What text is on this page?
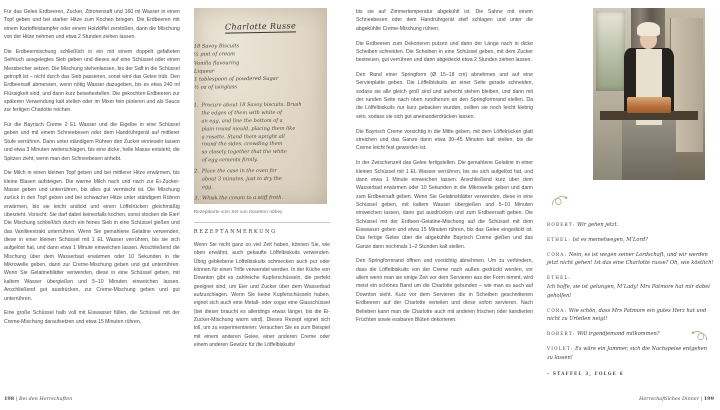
Für das Gelee Erdbeeren, Zucker, Zitronensaft und 160 ml Wasser in einen Topf geben und bei starker Hitze zum Kochen bringen. Die Erdbeeren mit einem Kartoffelstampfer oder einem Holzlöffel zerstoßen, dann die Mischung von der Hitze nehmen und etwa 2 Stunden ziehen lassen.

Die Erdbeermischung schließlich in ein mit einem doppelt gefalteten Seihtuch ausgelegtes Sieb geben und dieses auf eine Schüssel oder einen Messbecher setzen. Die Mischung stehenlassen, bis der Saft in die Schüssel getropft ist – nicht durch das Sieb passieren, sonst wird das Gelee trüb. Den Erdbeersaft abmessen, wenn nötig Wasser dazugeben, bis es etwa 240 ml Flüssigkeit sind, und dann kurz beiseitestellen. Die gekochten Erdbeeren zur späteren Verwendung kalt stellen oder im Mixer fein pürieren und als Sauce zur fertigen Charlotte reichen.

Für die Bayrisch Creme 2 EL Wasser und die Eigelbe in eine Schüssel geben und mit einem Schneebesen oder dem Handrührgerät auf mittlerer Stufe verrühren. Dann unter ständigem Rühren den Zucker einrieseln lassen und etwa 3 Minuten weiterschlagen, bis eine dicke, helle Masse entsteht, die Spitzen zieht, wenn man den Schneebesen anhebt.

Die Milch in einen kleinen Topf geben und bei mittlerer Hitze erwärmen, bis kleine Blasen aufsteigen. Die warme Milch nach und nach zur Ei-Zucker-Masse geben und unterrühren, bis alles gut vermischt ist. Die Mischung zurück in den Topf geben und bei schwacher Hitze unter ständigem Rühren erwärmen, bis sie leicht andickt und einen Löffelrücken gleichmäßig überzieht. Vorsicht: Sie darf dabei keinesfalls kochen, sonst stocken die Eier! Die Mischung schließlich durch ein feines Sieb in eine Schüssel gießen und das Vanilleextrakt unterrühren. Wenn Sie gemahlene Gelatine verwenden, diese in einer kleinen Schüssel mit 1 EL Wasser verrühren, bis sie sich aufgelöst hat, und dann etwa 1 Minute einweichen lassen. Anschließend die Mischung über dem Wasserbad erwärmen oder 10 Sekunden in die Mikrowelle geben, dann zur Creme-Mischung geben und gut unterrühren. Wenn Sie Gelatineblätter verwenden, diese in eine Schüssel geben, mit kaltem Wasser übergießen und 5–10 Minuten einweichen lassen. Anschließend gut ausdrücken, zur Creme-Mischung geben und gut unterrühren.

Eine große Schüssel halb voll mit Eiswasser füllen, die Schüssel mit der Creme-Mischung daraufsetzen und etwa 15 Minuten rühren,

Charlotte Russe
18 Savoy Biscuits
½ pint of cream
Vanilla flavouring
Liqueur
1 tablespoon of powdered Sugar
½ oz of isinglass
1. Procure about 18 Savoy biscuits. Brush
the edges of them with white of
an egg, and line the bottom of a
plain round mould, placing them like
a rosette. Stand them upright all
round the sides, crowding them
so closely together that the white
of egg cements firmly.
2. Place the case in the oven for
about 3 minutes, just to dry the
egg.
3. Whisk the cream to a stiff froth.
Rezeptkarte vom Set von Downton Abbey
REZEPTANMERKUNG

Wenn Sie nicht ganz so viel Zeit haben, können Sie, wie oben erwähnt, auch gekaufte Löffelbiskuits verwenden. Übrig gebliebene Löffelbiskuits schmecken auch pur oder können für einen Trifle verwendet werden. In der Küche von Downton gibt es zahlreiche Kupferschüsseln, die perfekt geeignet sind, um Eier und Zucker über dem Wasserbad aufzuschlagen. Wenn Sie keine Kupferschüsseln haben, eignet sich auch eine Metall- oder sogar eine Glasschüssel (bei dieser braucht es allerdings etwas länger, bis die Ei-Zucker-Mischung warm wird). Dieses Rezept eignet sich toll, um zu experimentieren: Versuchen Sie es zum Beispiel mit einem anderen Gelee, einer anderen Creme oder einem anderen Gewürz für die Löffelbiskuits!

198 | Bei den Herrschaften

bis sie auf Zimmertemperatur abgekühlt ist. Die Sahne mit einem Schneebesen oder dem Handrührgerät steif schlagen und unter die abgekühlte Creme-Mischung rühren.

Die Erdbeeren zum Dekorieren putzen und dann der Länge nach in dicke Scheiben schneiden. Die Scheiben in eine Schüssel geben, mit dem Zucker bestreuen, gut verrühren und dann abgedeckt etwa 2 Stunden ziehen lassen.

Den Rand einer Springform (Ø 15–18 cm) abnehmen und auf eine Servierplatte geben. Die Löffelbiskuits an einer Seite gerade schneiden, sodass sie alle gleich groß sind und aufrecht stehen bleiben, und dann mit der runden Seite nach oben rundherum an den Springformrand stellen. Da die Löffelbiskuits nur kurz gebacken wurden, sollten sie noch leicht klebrig sein, sodass sie sich gut aneinanderdrücken lassen.

Die Bayrisch Creme vorsichtig in die Mitte geben, mit dem Löffelrücken glatt streichen und das Ganze dann etwa 30–45 Minuten kalt stellen, bis die Creme leicht fest geworden ist.

In der Zwischenzeit das Gelee fertigstellen. Die gemahlene Gelatine in einer kleinen Schüssel mit 1 EL Wasser verrühren, bis sie sich aufgelöst hat, und dann etwa 1 Minute einweichen lassen. Anschließend kurz über dem Wasserbad erwärmen oder 10 Sekunden in die Mikrowelle geben und dann zum Erdbeersaft geben. Wenn Sie Gelatineblätter verwenden, diese in eine Schüssel geben, mit kaltem Wasser übergießen und 5–10 Minuten einweichen lassen, dann gut ausdrücken und zum Erdbeersaft geben. Die Schüssel mit der Erdbeer-Gelatine-Mischung auf die Schüssel mit dem Eiswasser geben und etwa 15 Minuten rühren, bis das Gelee eingedickt ist. Das fertige Gelee über die abgekühlte Bayrisch Creme gießen und das Ganze dann nochmals 1–2 Stunden kalt stellen.

Den Springformrand öffnen und vorsichtig abnehmen. Um zu verhindern, dass die Löffelbiskuits von der Creme nach außen gedrückt werden, vor allem wenn man sie einige Zeit vor dem Servieren aus der Form nimmt, wird meist ein schönes Band um die Charlotte gebunden – wie man es auch auf Downton sieht. Kurz vor dem Servieren die in Scheiben geschnittenen Erdbeeren auf der Charlotte verteilen und diese sofort servieren. Nach Belieben kann man die Charlotte auch mit anderen frischen oder kandierten Früchten sowie essbaren Blüten dekorieren.

ROBERT: Wir gehen jetzt.

ETHEL: Ist es meinetwegen, M’Lord?

CORA: Nein, es ist wegen seiner Lordschaft, und wir werden jetzt nicht gehen! Ist das eine Charlotte russe? Oh, wie köstlich!

ETHEL:
Ich hoffe, sie ist gelungen, M’Lady! Mrs Patmore hat mir dabei geholfen!

CORA: Wie schön, dass Mrs Patmore ein gutes Herz hat und nicht zu Urteilen neigt!

ROBERT: Will irgendjemand mitkommen?

VIOLET: Es wäre ein Jammer, sich die Nachspeise entgehen zu lassen!

– STAFFEL 3, FOLGE 6
Herrschaftliches Dinner | 199
